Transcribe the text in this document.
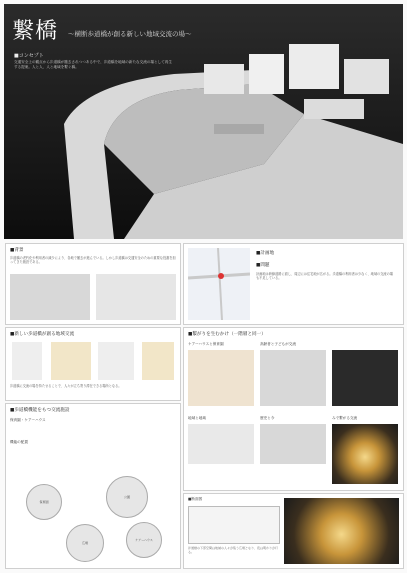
繋橋 〜横断歩道橋が創る新しい地域交流の場〜
■コンセプト
交通安全上の観点から歩道橋が撤去されつつある中で、歩道橋を地域の新たな交流の場として再生する提案。人と人、人と地域を繋ぐ橋。
■背景
歩道橋の老朽化や利用者の減少により、各地で撤去が進んでいる。しかし歩道橋は交通安全のための重要な役割を担ってきた施設である。
■計画地
■問題
計画地は幹線道路に面し、周辺には住宅地が広がる。歩道橋の利用者は少なく、地域の交流の場も不足している。
■新しい歩道橋が創る地域交流
歩道橋に交流の場を持たせることで、人々が立ち寄り滞在できる場所となる。
■歩道橋機能をもつ交流施設
保育園・ケアーハウス
機能の配置
保育園
公園
広場
ケアーハウス
■繋がりを生むかけ（一階層と同一）
ケアーハウスと保育園	高齢者と子どもが交流
地域と地域	歴史と今	みで繋がる交流
■断面図
歩道橋の下部空間は地域の人々が集う広場となり、夜は明かりが灯る。
